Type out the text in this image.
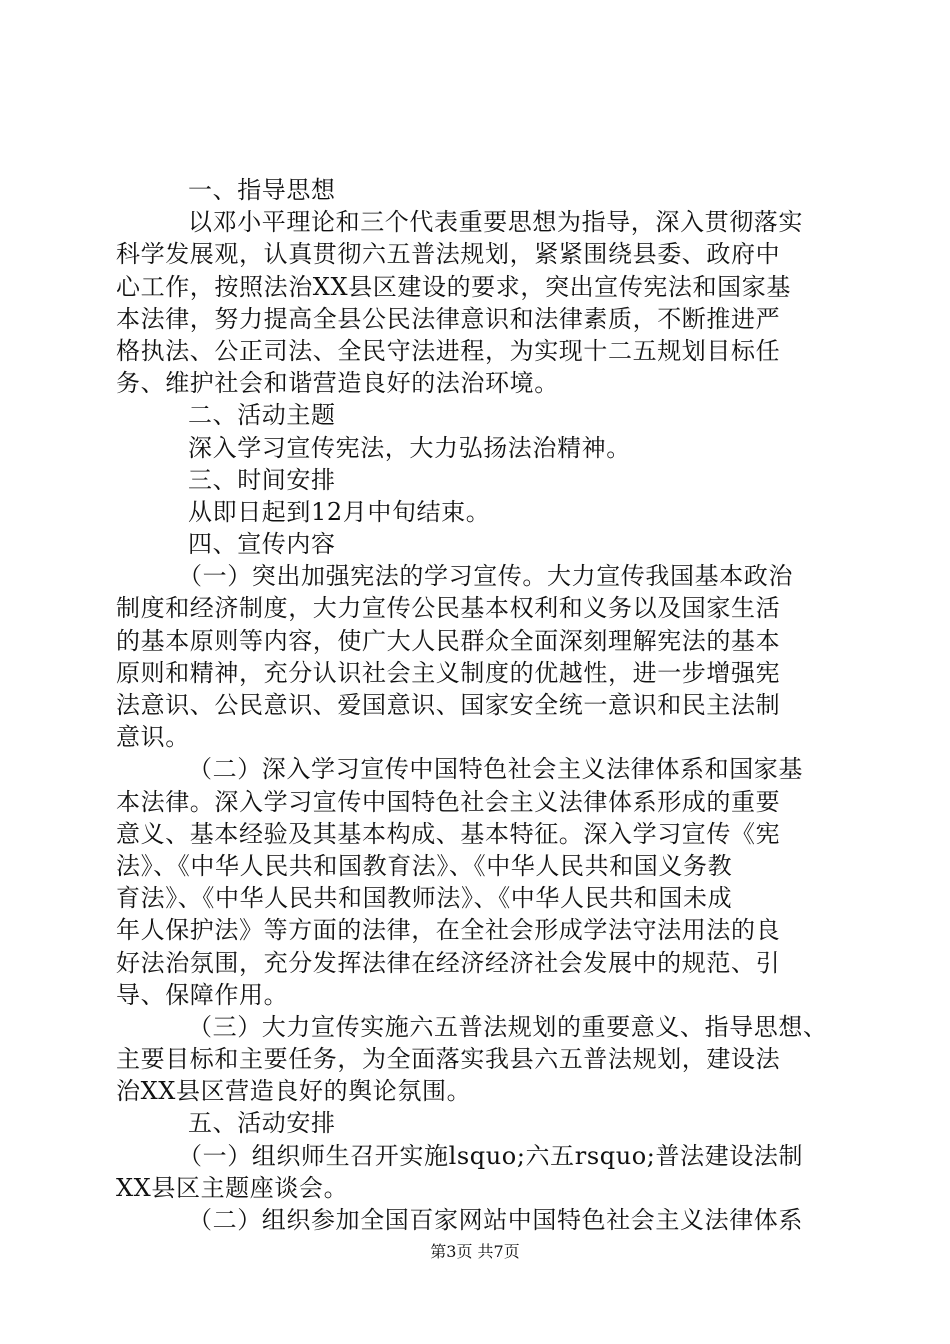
一、指导思想
以邓小平理论和三个代表重要思想为指导，深入贯彻落实
科学发展观，认真贯彻六五普法规划，紧紧围绕县委、政府中
心工作，按照法治XX县区建设的要求，突出宣传宪法和国家基
本法律，努力提高全县公民法律意识和法律素质，不断推进严
格执法、公正司法、全民守法进程，为实现十二五规划目标任
务、维护社会和谐营造良好的法治环境。
二、活动主题
深入学习宣传宪法，大力弘扬法治精神。
三、时间安排
从即日起到12月中旬结束。
四、宣传内容
（一）突出加强宪法的学习宣传。大力宣传我国基本政治
制度和经济制度，大力宣传公民基本权利和义务以及国家生活
的基本原则等内容，使广大人民群众全面深刻理解宪法的基本
原则和精神，充分认识社会主义制度的优越性，进一步增强宪
法意识、公民意识、爱国意识、国家安全统一意识和民主法制
意识。
（二）深入学习宣传中国特色社会主义法律体系和国家基
本法律。深入学习宣传中国特色社会主义法律体系形成的重要
意义、基本经验及其基本构成、基本特征。深入学习宣传《宪
法》、《中华人民共和国教育法》、《中华人民共和国义务教
育法》、《中华人民共和国教师法》、《中华人民共和国未成
年人保护法》等方面的法律，在全社会形成学法守法用法的良
好法治氛围，充分发挥法律在经济经济社会发展中的规范、引
导、保障作用。
（三）大力宣传实施六五普法规划的重要意义、指导思想、
主要目标和主要任务，为全面落实我县六五普法规划，建设法
治XX县区营造良好的舆论氛围。
五、活动安排
（一）组织师生召开实施lsquo;六五rsquo;普法建设法制
XX县区主题座谈会。
（二）组织参加全国百家网站中国特色社会主义法律体系
第3页 共7页
